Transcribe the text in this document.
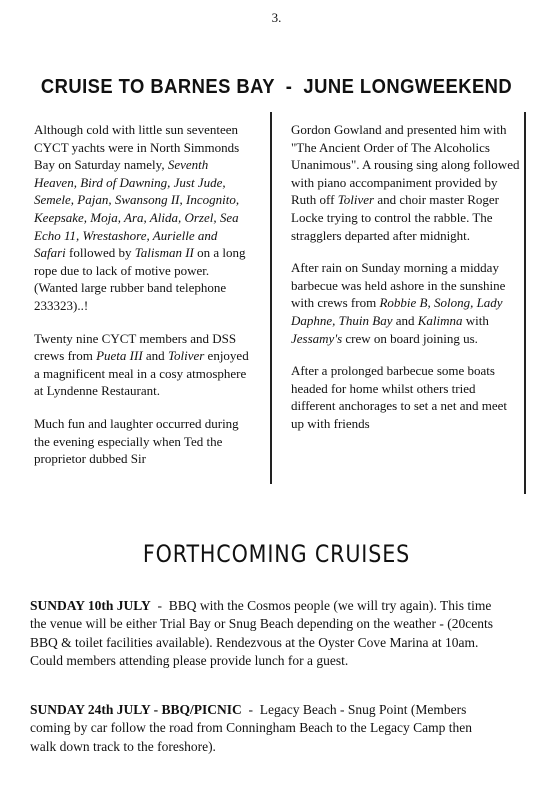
3.
CRUISE TO BARNES BAY - JUNE LONGWEEKEND

Although cold with little sun seventeen CYCT yachts were in North Simmonds Bay on Saturday namely, Seventh Heaven, Bird of Dawning, Just Jude, Semele, Pajan, Swansong II, Incognito, Keepsake, Moja, Ara, Alida, Orzel, Sea Echo 11, Wrestashore, Aurielle and Safari followed by Talisman II on a long rope due to lack of motive power. (Wanted large rubber band telephone 233323)..!

Twenty nine CYCT members and DSS crews from Pueta III and Toliver enjoyed a magnificent meal in a cosy atmosphere at Lyndenne Restaurant.

Much fun and laughter occurred during the evening especially when Ted the proprietor dubbed Sir

Gordon Gowland and presented him with "The Ancient Order of The Alcoholics Unanimous". A rousing sing along followed with piano accompaniment provided by Ruth off Toliver and choir master Roger Locke trying to control the rabble. The stragglers departed after midnight.

After rain on Sunday morning a midday barbecue was held ashore in the sunshine with crews from Robbie B, Solong, Lady Daphne, Thuin Bay and Kalimna with Jessamy's crew on board joining us.

After a prolonged barbecue some boats headed for home whilst others tried different anchorages to set a net and meet up with friends

FORTHCOMING CRUISES
SUNDAY 10th JULY  -  BBQ with the Cosmos people (we will try again). This time the venue will be either Trial Bay or Snug Beach depending on the weather - (20cents BBQ & toilet facilities available). Rendezvous at the Oyster Cove Marina at 10am. Could members attending please provide lunch for a guest.
SUNDAY 24th JULY - BBQ/PICNIC  -  Legacy Beach - Snug Point (Members coming by car follow the road from Conningham Beach to the Legacy Camp then walk down track to the foreshore).
